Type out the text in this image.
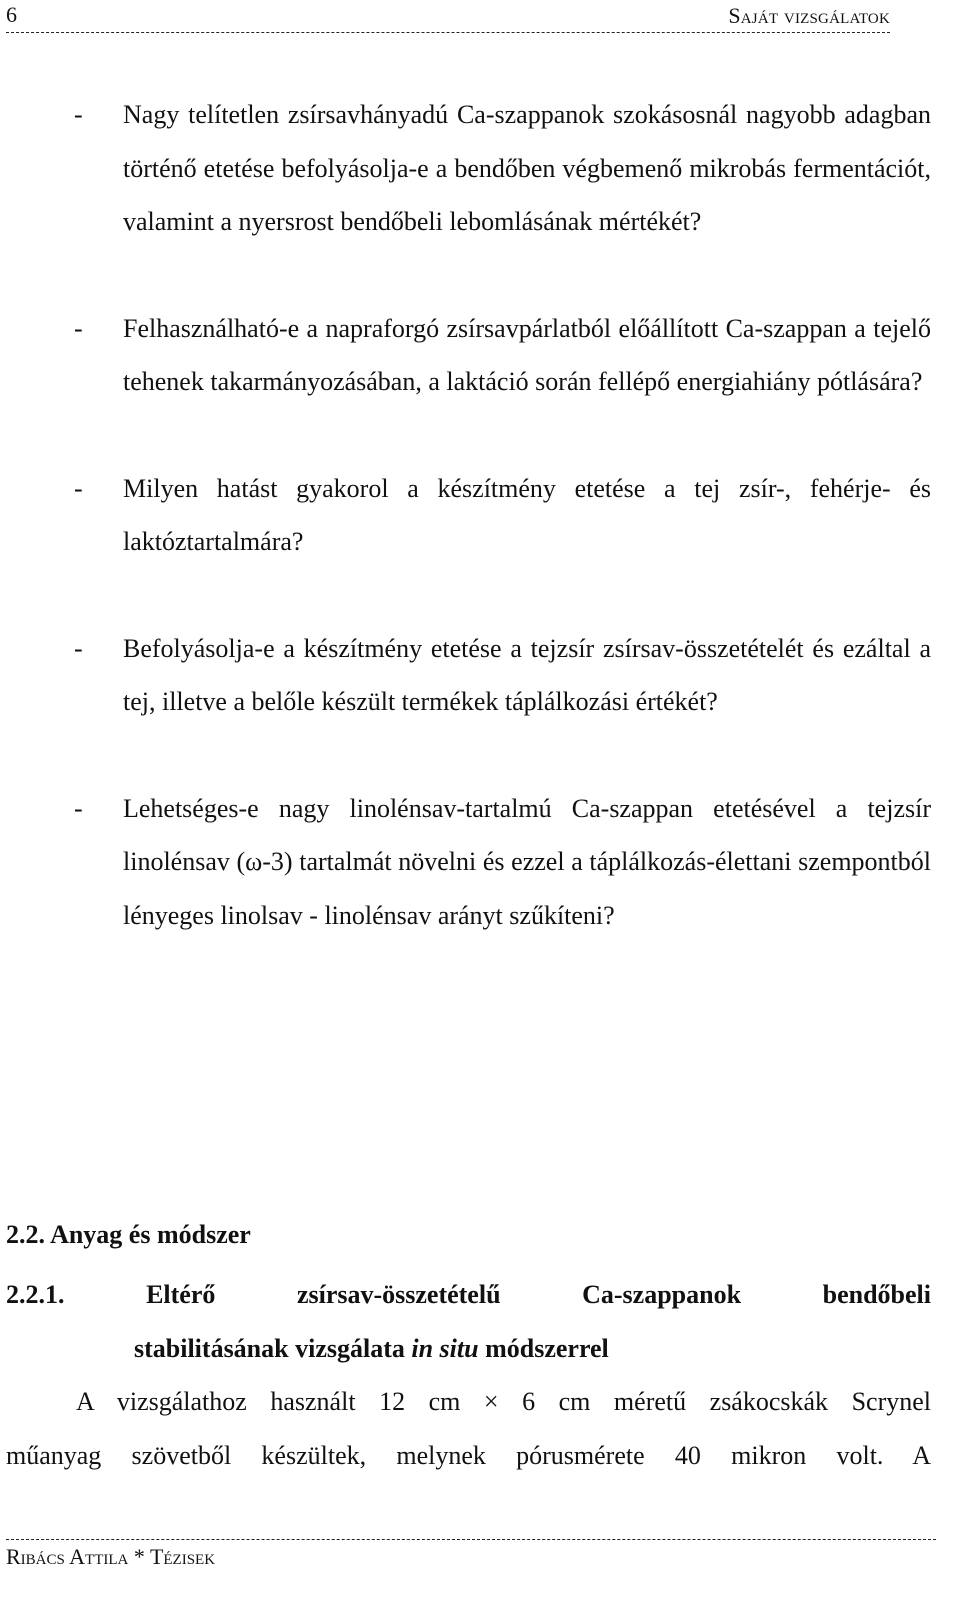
6	Saját vizsgálatok
- Nagy telítetlen zsírsavhányadú Ca-szappanok szokásosnál nagyobb adagban történő etetése befolyásolja-e a bendőben végbemenő mikrobás fermentációt, valamint a nyersrost bendőbeli lebomlásának mértékét?
- Felhasználható-e a napraforgó zsírsavpárlatból előállított Ca-szappan a tejelő tehenek takarmányozásában, a laktáció során fellépő energiahiány pótlására?
- Milyen hatást gyakorol a készítmény etetése a tej zsír-, fehérje- és laktóztartalmára?
- Befolyásolja-e a készítmény etetése a tejzsír zsírsav-összetételét és ezáltal a tej, illetve a belőle készült termékek táplálkozási értékét?
- Lehetséges-e nagy linolénsav-tartalmú Ca-szappan etetésével a tejzsír linolénsav (ω-3) tartalmát növelni és ezzel a táplálkozás-élettani szempontból lényeges linolsav - linolénsav arányt szűkíteni?
2.2. Anyag és módszer
2.2.1.	Eltérő	zsírsav-összetételű	Ca-szappanok	bendőbeli
stabilitásának vizsgálata in situ módszerrel
A vizsgálathoz használt 12 cm × 6 cm méretű zsákocskák Scrynel
műanyag szövetből készültek, melynek pórusmérete 40 mikron volt. A
Ribács Attila * Tézisek
